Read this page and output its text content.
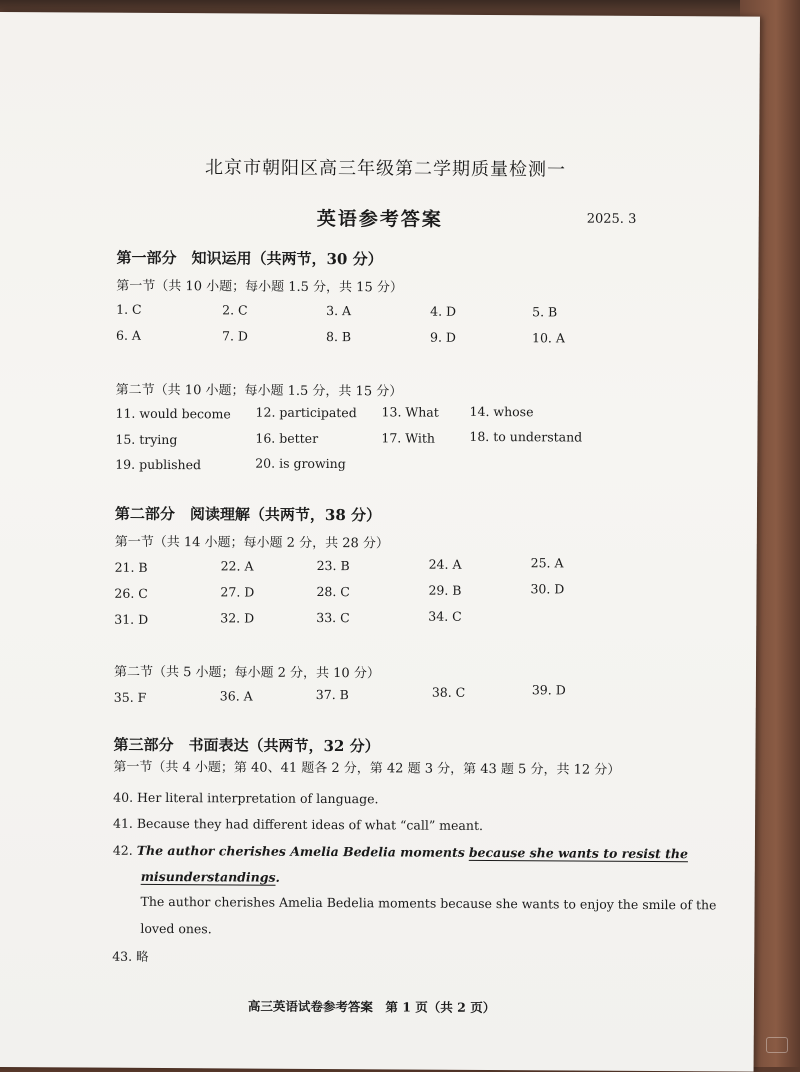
北京市朝阳区高三年级第二学期质量检测一
英语参考答案	2025. 3
第一部分　知识运用（共两节，30 分）
第一节（共 10 小题；每小题 1.5 分，共 15 分）
1. C	2. C	3. A	4. D	5. B
6. A	7. D	8. B	9. D	10. A
第二节（共 10 小题；每小题 1.5 分，共 15 分）
11. would become 12. participated 13. What 14. whose
15. trying	16. better	17. With	18. to understand
19. published	20. is growing
第二部分　阅读理解（共两节，38 分）
第一节（共 14 小题；每小题 2 分，共 28 分）
21. B	22. A	23. B	24. A	25. A
26. C	27. D	28. C	29. B	30. D
31. D	32. D	33. C	34. C
第二节（共 5 小题；每小题 2 分，共 10 分）
35. F	36. A	37. B	38. C	39. D
第三部分　书面表达（共两节，32 分）
第一节（共 4 小题；第 40、41 题各 2 分，第 42 题 3 分，第 43 题 5 分，共 12 分）
40. Her literal interpretation of language.
41. Because they had different ideas of what “call” meant.
42. The author cherishes Amelia Bedelia moments because she wants to resist the
misunderstandings.
The author cherishes Amelia Bedelia moments because she wants to enjoy the smile of the
loved ones.
43. 略
高三英语试卷参考答案　第 1 页（共 2 页）
